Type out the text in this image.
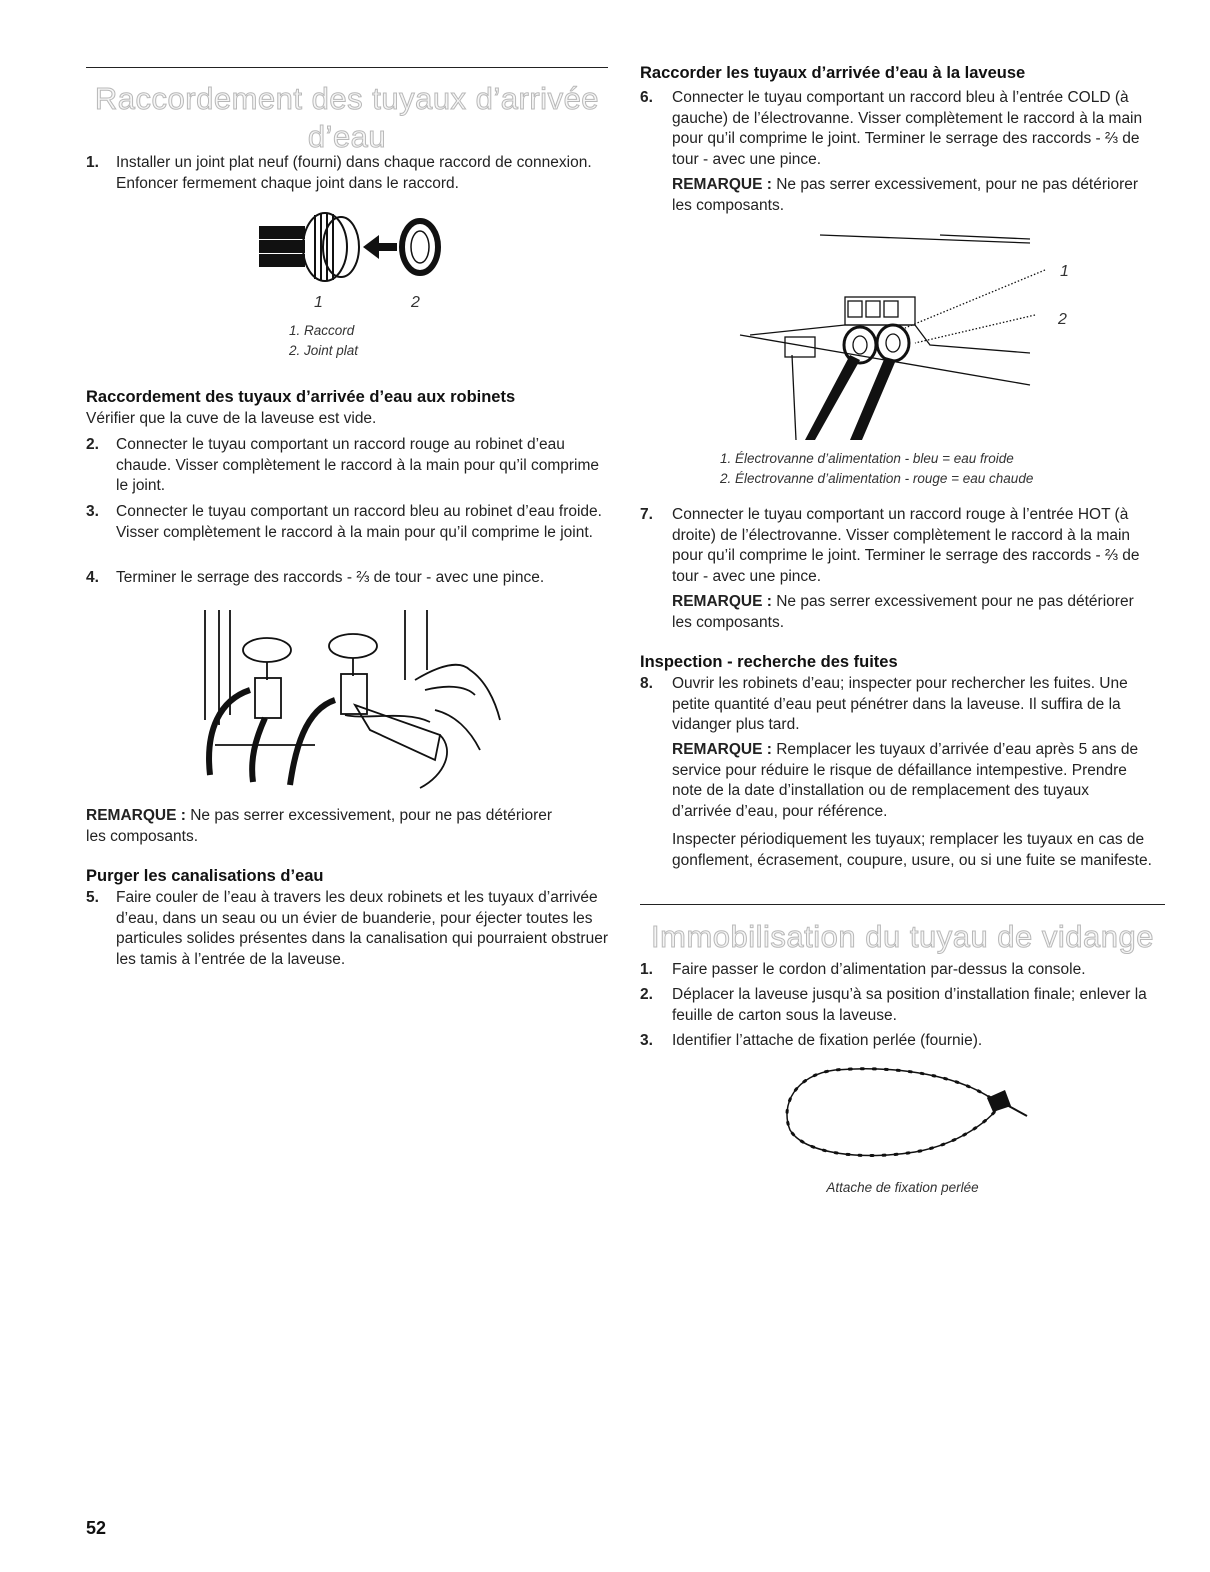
Raccordement des tuyaux d’arrivée
d’eau
1. Installer un joint plat neuf (fourni) dans chaque raccord de connexion. Enfoncer fermement chaque joint dans le raccord.
1	2

1. Raccord

2. Joint plat

Raccordement des tuyaux d’arrivée d’eau aux robinets

Vérifier que la cuve de la laveuse est vide.

2. Connecter le tuyau comportant un raccord rouge au robinet d’eau chaude. Visser complètement le raccord à la main pour qu’il comprime le joint.
3. Connecter le tuyau comportant un raccord bleu au robinet d’eau froide. Visser complètement le raccord à la main pour qu’il comprime le joint.
4. Terminer le serrage des raccords - ⅔ de tour - avec une pince.

REMARQUE : Ne pas serrer excessivement, pour ne pas détériorer les composants.

Purger les canalisations d’eau
5. Faire couler de l’eau à travers les deux robinets et les tuyaux d’arrivée d’eau, dans un seau ou un évier de buanderie, pour éjecter toutes les particules solides présentes dans la canalisation qui pourraient obstruer les tamis à l’entrée de la laveuse.
Raccorder les tuyaux d’arrivée d’eau à la laveuse
6. Connecter le tuyau comportant un raccord bleu à l’entrée COLD (à gauche) de l’électrovanne. Visser complètement le raccord à la main pour qu’il comprime le joint. Terminer le serrage des raccords - ⅔ de tour - avec une pince.

REMARQUE : Ne pas serrer excessivement, pour ne pas détériorer les composants.

1
2

1. Électrovanne d’alimentation - bleu = eau froide

2. Électrovanne d’alimentation - rouge = eau chaude

7. Connecter le tuyau comportant un raccord rouge à l’entrée HOT (à droite) de l’électrovanne. Visser complètement le raccord à la main pour qu’il comprime le joint. Terminer le serrage des raccords - ⅔ de tour - avec une pince.

REMARQUE : Ne pas serrer excessivement pour ne pas détériorer les composants.

Inspection - recherche des fuites
8. Ouvrir les robinets d’eau; inspecter pour rechercher les fuites. Une petite quantité d’eau peut pénétrer dans la laveuse. Il suffira de la vidanger plus tard.

REMARQUE : Remplacer les tuyaux d’arrivée d’eau après 5 ans de service pour réduire le risque de défaillance intempestive. Prendre note de la date d’installation ou de remplacement des tuyaux d’arrivée d’eau, pour référence.

Inspecter périodiquement les tuyaux; remplacer les tuyaux en cas de gonflement, écrasement, coupure, usure, ou si une fuite se manifeste.

Immobilisation du tuyau de vidange
1. Faire passer le cordon d’alimentation par-dessus la console.
2. Déplacer la laveuse jusqu’à sa position d’installation finale; enlever la feuille de carton sous la laveuse.
3. Identifier l’attache de fixation perlée (fournie).

Attache de fixation perlée

52
